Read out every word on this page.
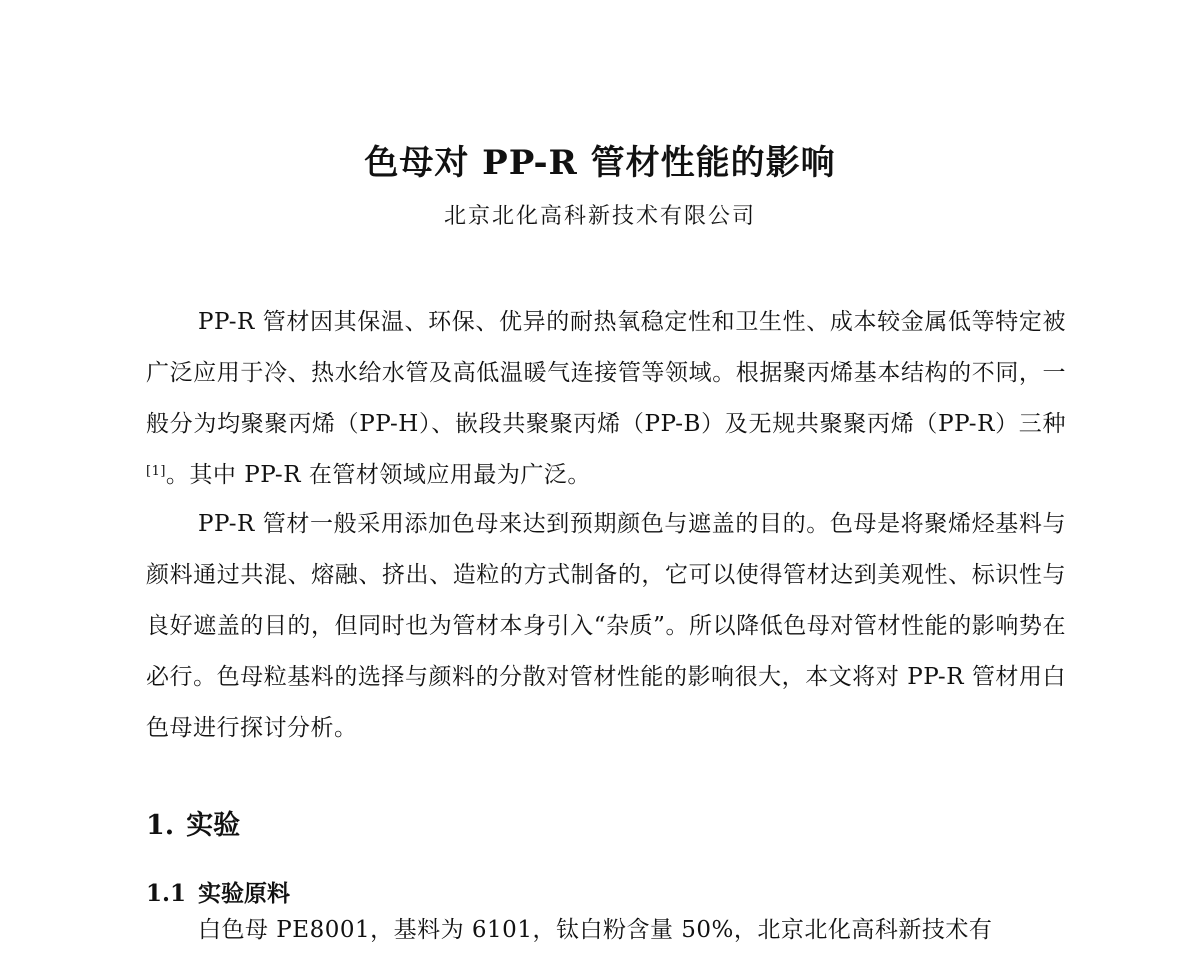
色母对 PP-R 管材性能的影响
北京北化高科新技术有限公司
PP-R 管材因其保温、环保、优异的耐热氧稳定性和卫生性、成本较金属低等特定被广泛应用于冷、热水给水管及高低温暖气连接管等领域。根据聚丙烯基本结构的不同，一般分为均聚聚丙烯（PP-H）、嵌段共聚聚丙烯（PP-B）及无规共聚聚丙烯（PP-R）三种[1]。其中 PP-R 在管材领域应用最为广泛。
PP-R 管材一般采用添加色母来达到预期颜色与遮盖的目的。色母是将聚烯烃基料与颜料通过共混、熔融、挤出、造粒的方式制备的，它可以使得管材达到美观性、标识性与良好遮盖的目的，但同时也为管材本身引入“杂质”。所以降低色母对管材性能的影响势在必行。色母粒基料的选择与颜料的分散对管材性能的影响很大，本文将对 PP-R 管材用白色母进行探讨分析。
1. 实验
1.1 实验原料
白色母 PE8001，基料为 6101，钛白粉含量 50%，北京北化高科新技术有
